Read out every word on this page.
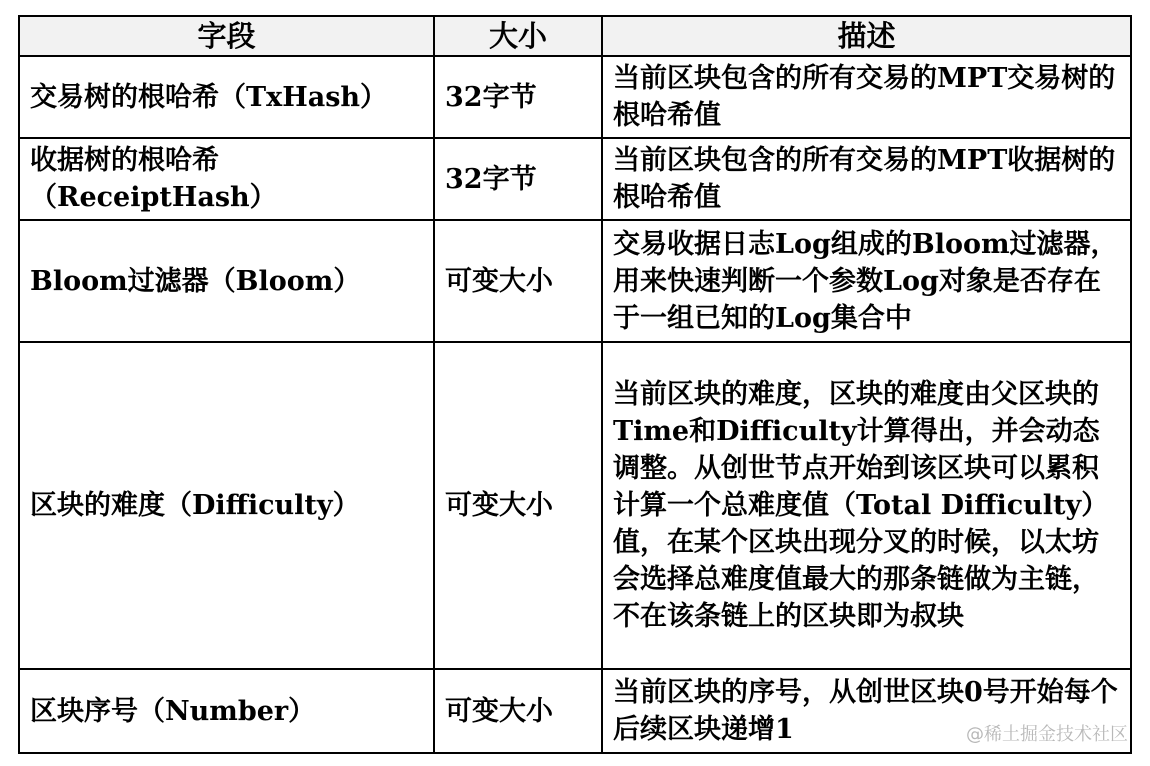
字段	大小	描述
交易树的根哈希（TxHash）	32字节	当前区块包含的所有交易的MPT交易树的根哈希值
收据树的根哈希（ReceiptHash）	32字节	当前区块包含的所有交易的MPT收据树的根哈希值
Bloom过滤器（Bloom）	可变大小	交易收据日志Log组成的Bloom过滤器，用来快速判断一个参数Log对象是否存在于一组已知的Log集合中
区块的难度（Difficulty）	可变大小	当前区块的难度，区块的难度由父区块的Time和Difficulty计算得出，并会动态调整。从创世节点开始到该区块可以累积计算一个总难度值（Total Difficulty）值，在某个区块出现分叉的时候，以太坊会选择总难度值最大的那条链做为主链，不在该条链上的区块即为叔块
区块序号（Number）	可变大小	当前区块的序号，从创世区块0号开始每个后续区块递增1	@稀土掘金技术社区
